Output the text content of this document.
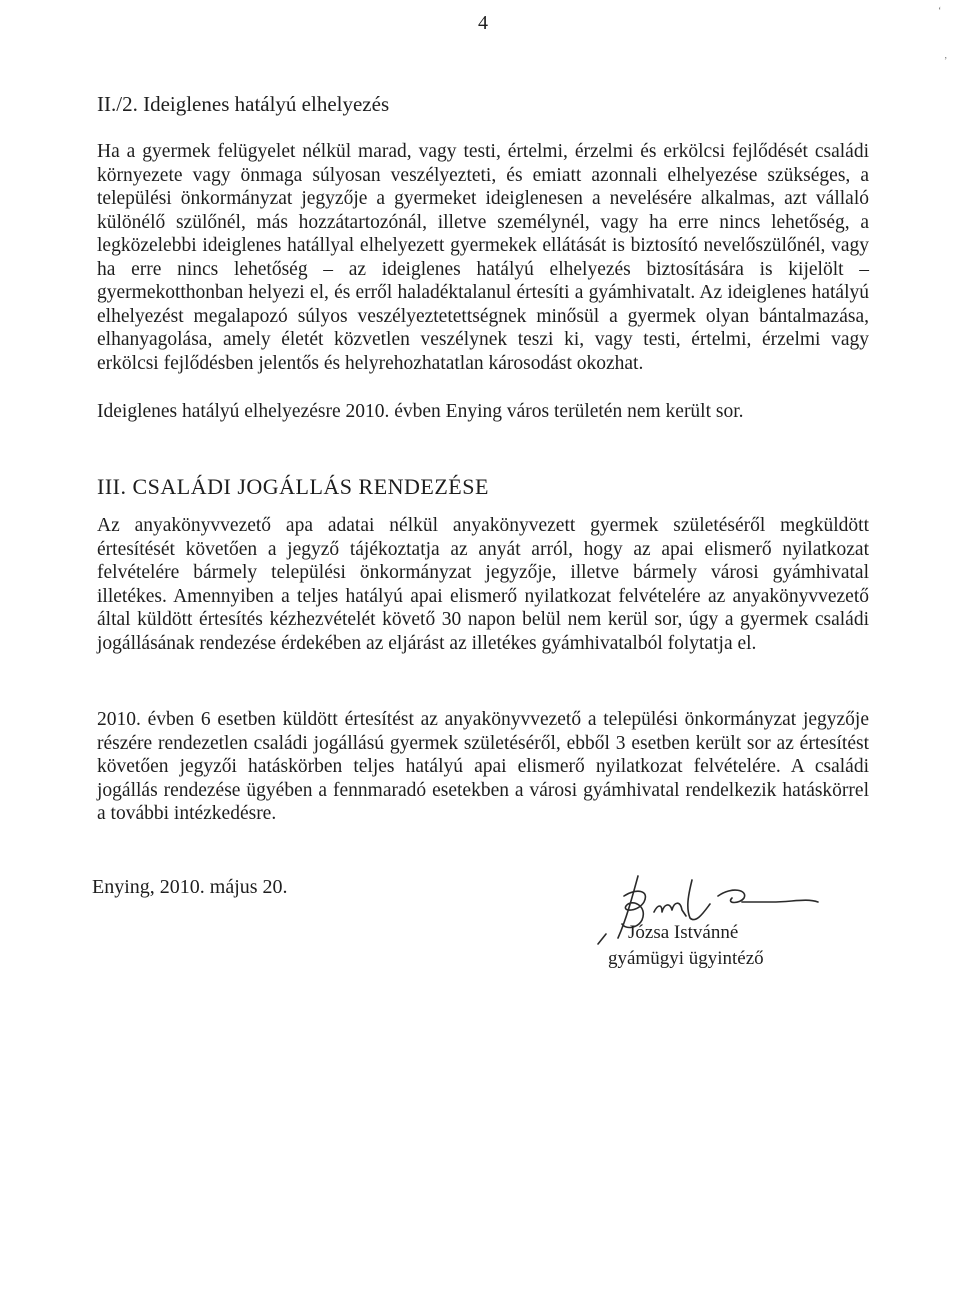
4
‘
’
II./2. Ideiglenes hatályú elhelyezés

Ha a gyermek felügyelet nélkül marad, vagy testi, értelmi, érzelmi és erkölcsi fejlődését családi környezete vagy önmaga súlyosan veszélyezteti, és emiatt azonnali elhelyezése szükséges, a települési önkormányzat jegyzője a gyermeket ideiglenesen a nevelésére alkalmas, azt vállaló különélő szülőnél, más hozzátartozónál, illetve személynél, vagy ha erre nincs lehetőség, a legközelebbi ideiglenes hatállyal elhelyezett gyermekek ellátását is biztosító nevelőszülőnél, vagy ha erre nincs lehetőség – az ideiglenes hatályú elhelyezés biztosítására is kijelölt – gyermekotthonban helyezi el, és erről haladéktalanul értesíti a gyámhivatalt. Az ideiglenes hatályú elhelyezést megalapozó súlyos veszélyeztetettségnek minősül a gyermek olyan bántalmazása, elhanyagolása, amely életét közvetlen veszélynek teszi ki, vagy testi, értelmi, érzelmi vagy erkölcsi fejlődésben jelentős és helyrehozhatatlan károsodást okozhat.

Ideiglenes hatályú elhelyezésre 2010. évben Enying város területén nem került sor.

III. CSALÁDI JOGÁLLÁS RENDEZÉSE

Az anyakönyvvezető apa adatai nélkül anyakönyvezett gyermek születéséről megküldött értesítését követően a jegyző tájékoztatja az anyát arról, hogy az apai elismerő nyilatkozat felvételére bármely települési önkormányzat jegyzője, illetve bármely városi gyámhivatal illetékes. Amennyiben a teljes hatályú apai elismerő nyilatkozat felvételére az anyakönyvvezető által küldött értesítés kézhezvételét követő 30 napon belül nem kerül sor, úgy a gyermek családi jogállásának rendezése érdekében az eljárást az illetékes gyámhivatalból folytatja el.

2010. évben 6 esetben küldött értesítést az anyakönyvvezető a települési önkormányzat jegyzője részére rendezetlen családi jogállású gyermek születéséről, ebből 3 esetben került sor az értesítést követően jegyzői hatáskörben teljes hatályú apai elismerő nyilatkozat felvételére. A családi jogállás rendezése ügyében a fennmaradó esetekben a városi gyámhivatal rendelkezik hatáskörrel a további intézkedésre.

Enying, 2010. május 20.
Józsa Istvánné
gyámügyi ügyintéző
